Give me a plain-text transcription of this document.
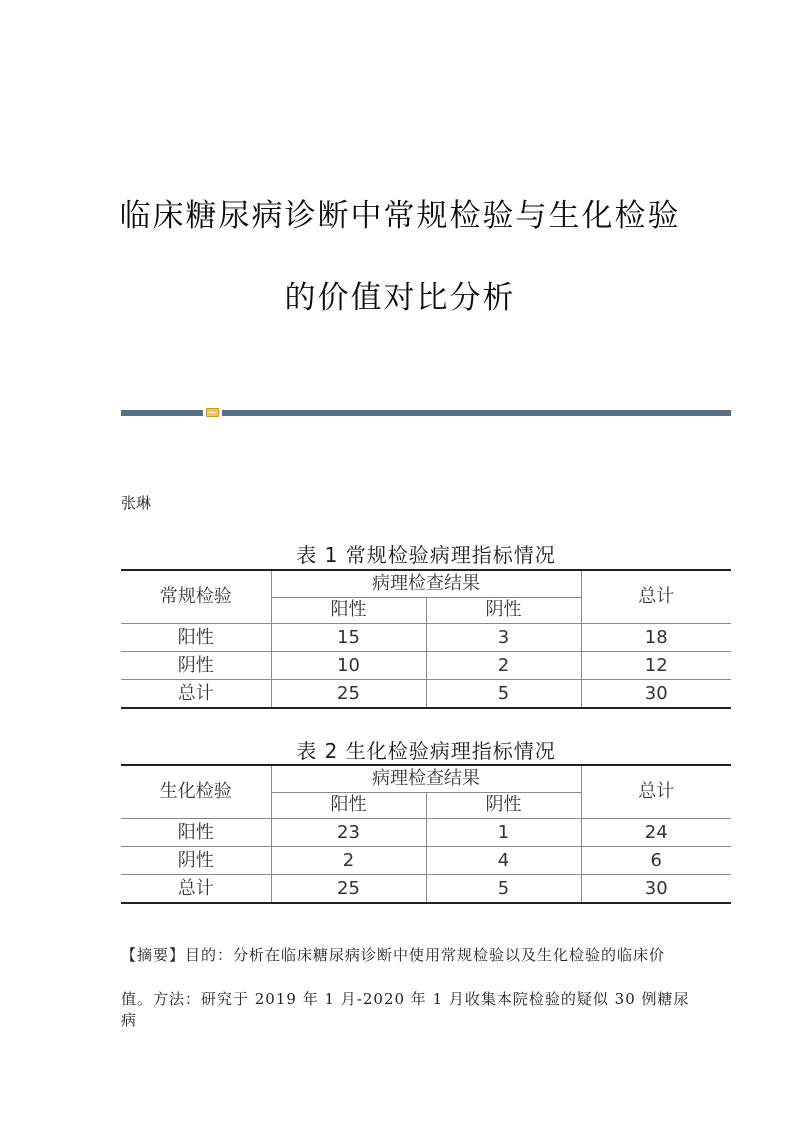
临床糖尿病诊断中常规检验与生化检验
的价值对比分析
张琳
表 1 常规检验病理指标情况
常规检验	病理检查结果		总计
	阳性	阴性	
阳性	15	3	18
阴性	10	2	12
总计	25	5	30
表 2 生化检验病理指标情况
生化检验	病理检查结果		总计
	阳性	阴性	
阳性	23	1	24
阴性	2	4	6
总计	25	5	30
【摘要】目的：分析在临床糖尿病诊断中使用常规检验以及生化检验的临床价
值。方法：研究于 2019 年 1 月-2020 年 1 月收集本院检验的疑似 30 例糖尿病
